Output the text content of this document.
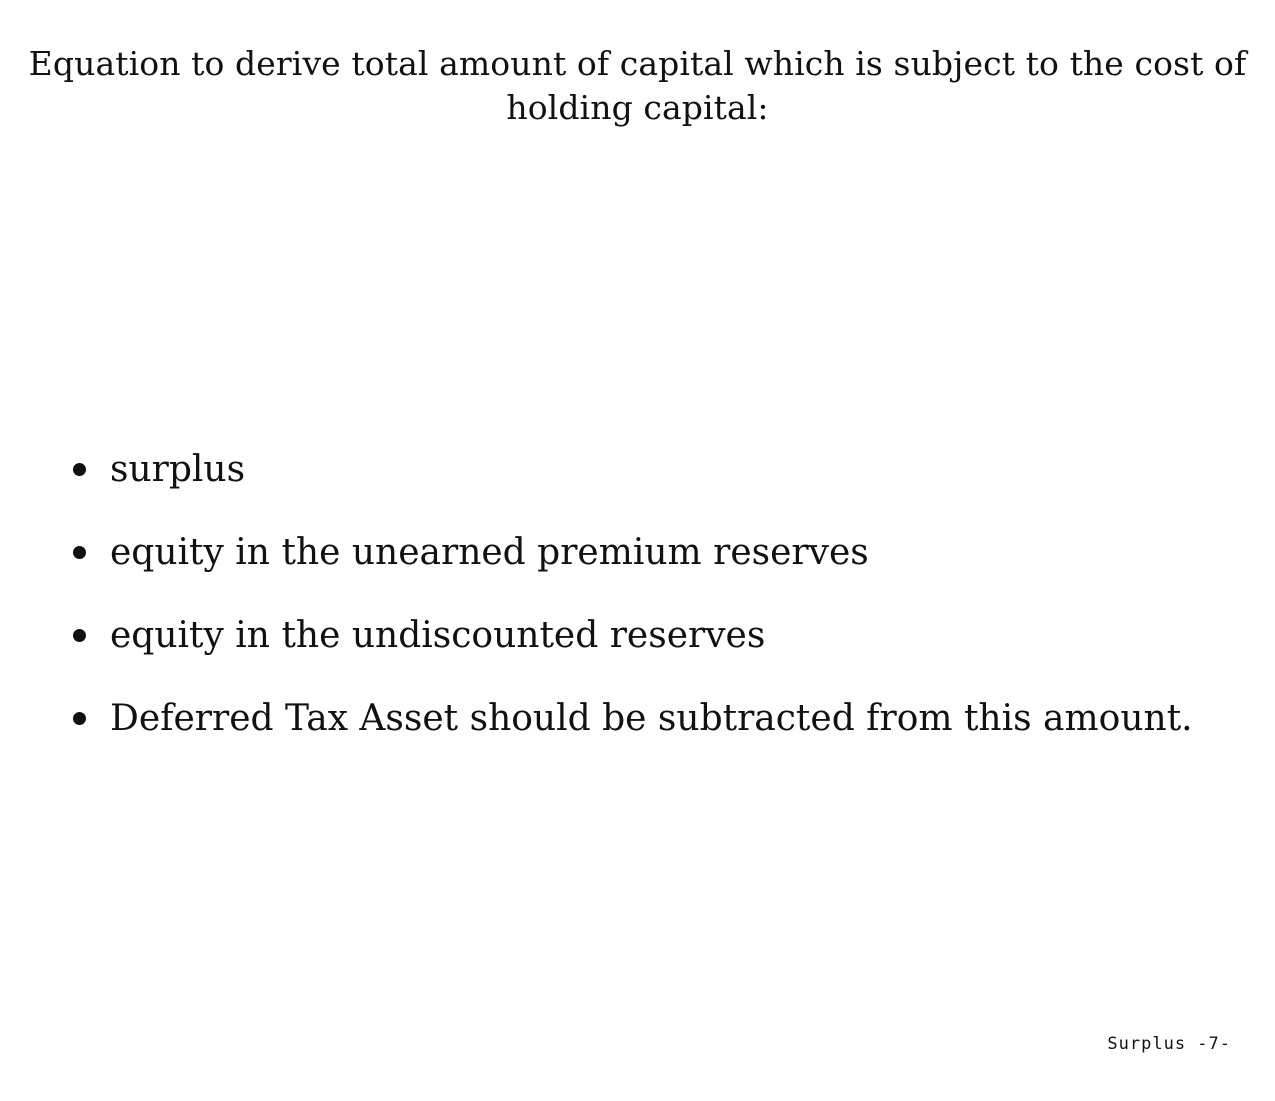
Equation to derive total amount of capital which is subject to the cost of holding capital:
surplus
equity in the unearned premium reserves
equity in the undiscounted reserves
Deferred Tax Asset should be subtracted from this amount.
Surplus -7-
